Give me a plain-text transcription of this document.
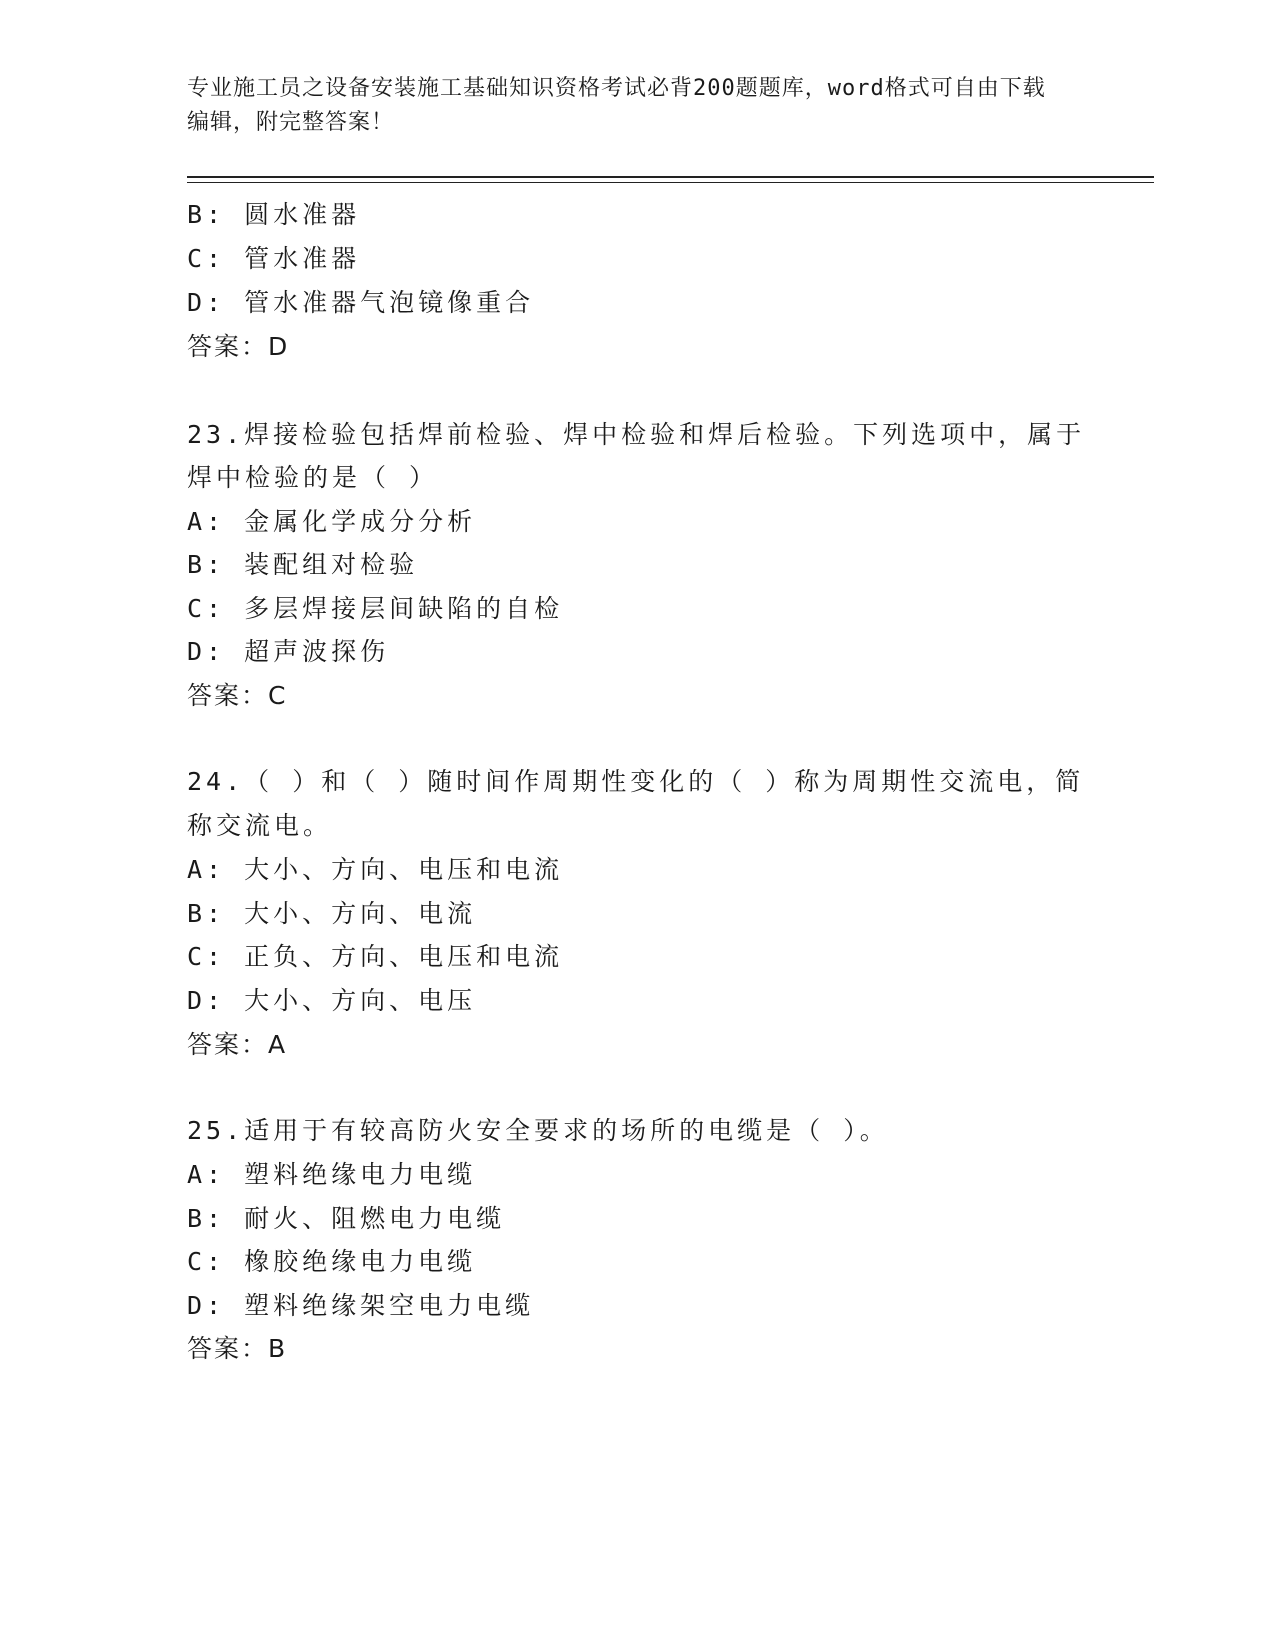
专业施工员之设备安装施工基础知识资格考试必背200题题库，word格式可自由下载编辑，附完整答案！
B: 圆水准器
C: 管水准器
D: 管水准器气泡镜像重合
答案：D
23.焊接检验包括焊前检验、焊中检验和焊后检验。下列选项中，属于
焊中检验的是（ ）
A: 金属化学成分分析
B: 装配组对检验
C: 多层焊接层间缺陷的自检
D: 超声波探伤
答案：C
24.（ ）和（ ）随时间作周期性变化的（ ）称为周期性交流电，简
称交流电。
A: 大小、方向、电压和电流
B: 大小、方向、电流
C: 正负、方向、电压和电流
D: 大小、方向、电压
答案：A
25.适用于有较高防火安全要求的场所的电缆是（ ）。
A: 塑料绝缘电力电缆
B: 耐火、阻燃电力电缆
C: 橡胶绝缘电力电缆
D: 塑料绝缘架空电力电缆
答案：B
